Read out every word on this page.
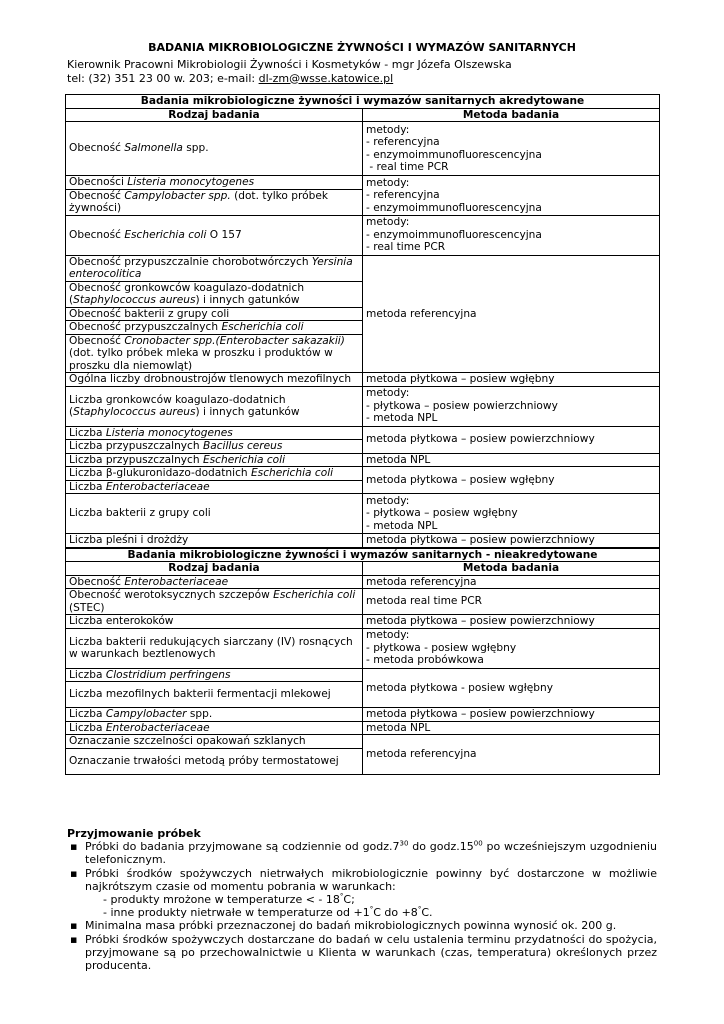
BADANIA MIKROBIOLOGICZNE ŻYWNOŚCI I WYMAZÓW SANITARNYCH
Kierownik Pracowni Mikrobiologii Żywności i Kosmetyków - mgr Józefa Olszewska
tel: (32) 351 23 00 w. 203; e-mail: dl-zm@wsse.katowice.pl
Badania mikrobiologiczne żywności i wymazów sanitarnych akredytowane	
Rodzaj badania	Metoda badania
Obecność Salmonella spp.	metody:
- referencyjna
- enzymoimmunofluorescencyjna
- real time PCR

Obecności Listeria monocytogenes	metody:
- referencyjna
- enzymoimmunofluorescencyjna

Obecność Campylobacter spp. (dot. tylko próbek żywności)	
Obecność Escherichia coli O 157	metody:
- enzymoimmunofluorescencyjna
- real time PCR

Obecność przypuszczalnie chorobotwórczych Yersinia enterocolitica	metoda referencyjna
Obecność gronkowców koagulazo-dodatnich (Staphylococcus aureus) i innych gatunków	
Obecność bakterii z grupy coli	
Obecność przypuszczalnych Escherichia coli	
Obecność Cronobacter spp.(Enterobacter sakazakii) (dot. tylko próbek mleka w proszku i produktów w proszku dla niemowląt)	
Ogólna liczby drobnoustrojów tlenowych mezofilnych	metoda płytkowa – posiew wgłębny
Liczba gronkowców koagulazo-dodatnich (Staphylococcus aureus) i innych gatunków	metody:
- płytkowa – posiew powierzchniowy
- metoda NPL

Liczba Listeria monocytogenes	metoda płytkowa – posiew powierzchniowy
Liczba przypuszczalnych Bacillus cereus	
Liczba przypuszczalnych Escherichia coli	metoda NPL
Liczba β-glukuronidazo-dodatnich Escherichia coli	metoda płytkowa – posiew wgłębny
Liczba Enterobacteriaceae	
Liczba bakterii z grupy coli	metody:
- płytkowa – posiew wgłębny
- metoda NPL

Liczba pleśni i drożdży	metoda płytkowa – posiew powierzchniowy
Badania mikrobiologiczne żywności i wymazów sanitarnych - nieakredytowane	
Rodzaj badania	Metoda badania
Obecność Enterobacteriaceae	metoda referencyjna
Obecność werotoksycznych szczepów Escherichia coli (STEC)	metoda real time PCR
Liczba enterokoków	metoda płytkowa – posiew powierzchniowy
Liczba bakterii redukujących siarczany (IV) rosnących w warunkach beztlenowych	metody:
- płytkowa - posiew wgłębny
- metoda probówkowa

Liczba Clostridium perfringens	metoda płytkowa - posiew wgłębny
Liczba mezofilnych bakterii fermentacji mlekowej	
Liczba Campylobacter spp.	metoda płytkowa – posiew powierzchniowy
Liczba Enterobacteriaceae	metoda NPL
Oznaczanie szczelności opakowań szklanych	metoda referencyjna
Oznaczanie trwałości metodą próby termostatowej	
Przyjmowanie próbek
▪ Próbki do badania przyjmowane są codziennie od $godz.7^{30}$ do $godz.15^{00}$ po wcześniejszym uzgodnieniu telefonicznym.
▪ Próbki środków spożywczych nietrwałych mikrobiologicznie powinny być dostarczone w możliwie najkrótszym czasie od momentu pobrania w warunkach:
- produkty mrożone w temperaturze < - 18°C;
- inne produkty nietrwałe w temperaturze od +1°C do +8°C.
▪ Minimalna masa próbki przeznaczonej do badań mikrobiologicznych powinna wynosić ok. 200 g.
▪ Próbki środków spożywczych dostarczane do badań w celu ustalenia terminu przydatności do spożycia, przyjmowane są po przechowalnictwie u Klienta w warunkach (czas, temperatura) określonych przez producenta.
